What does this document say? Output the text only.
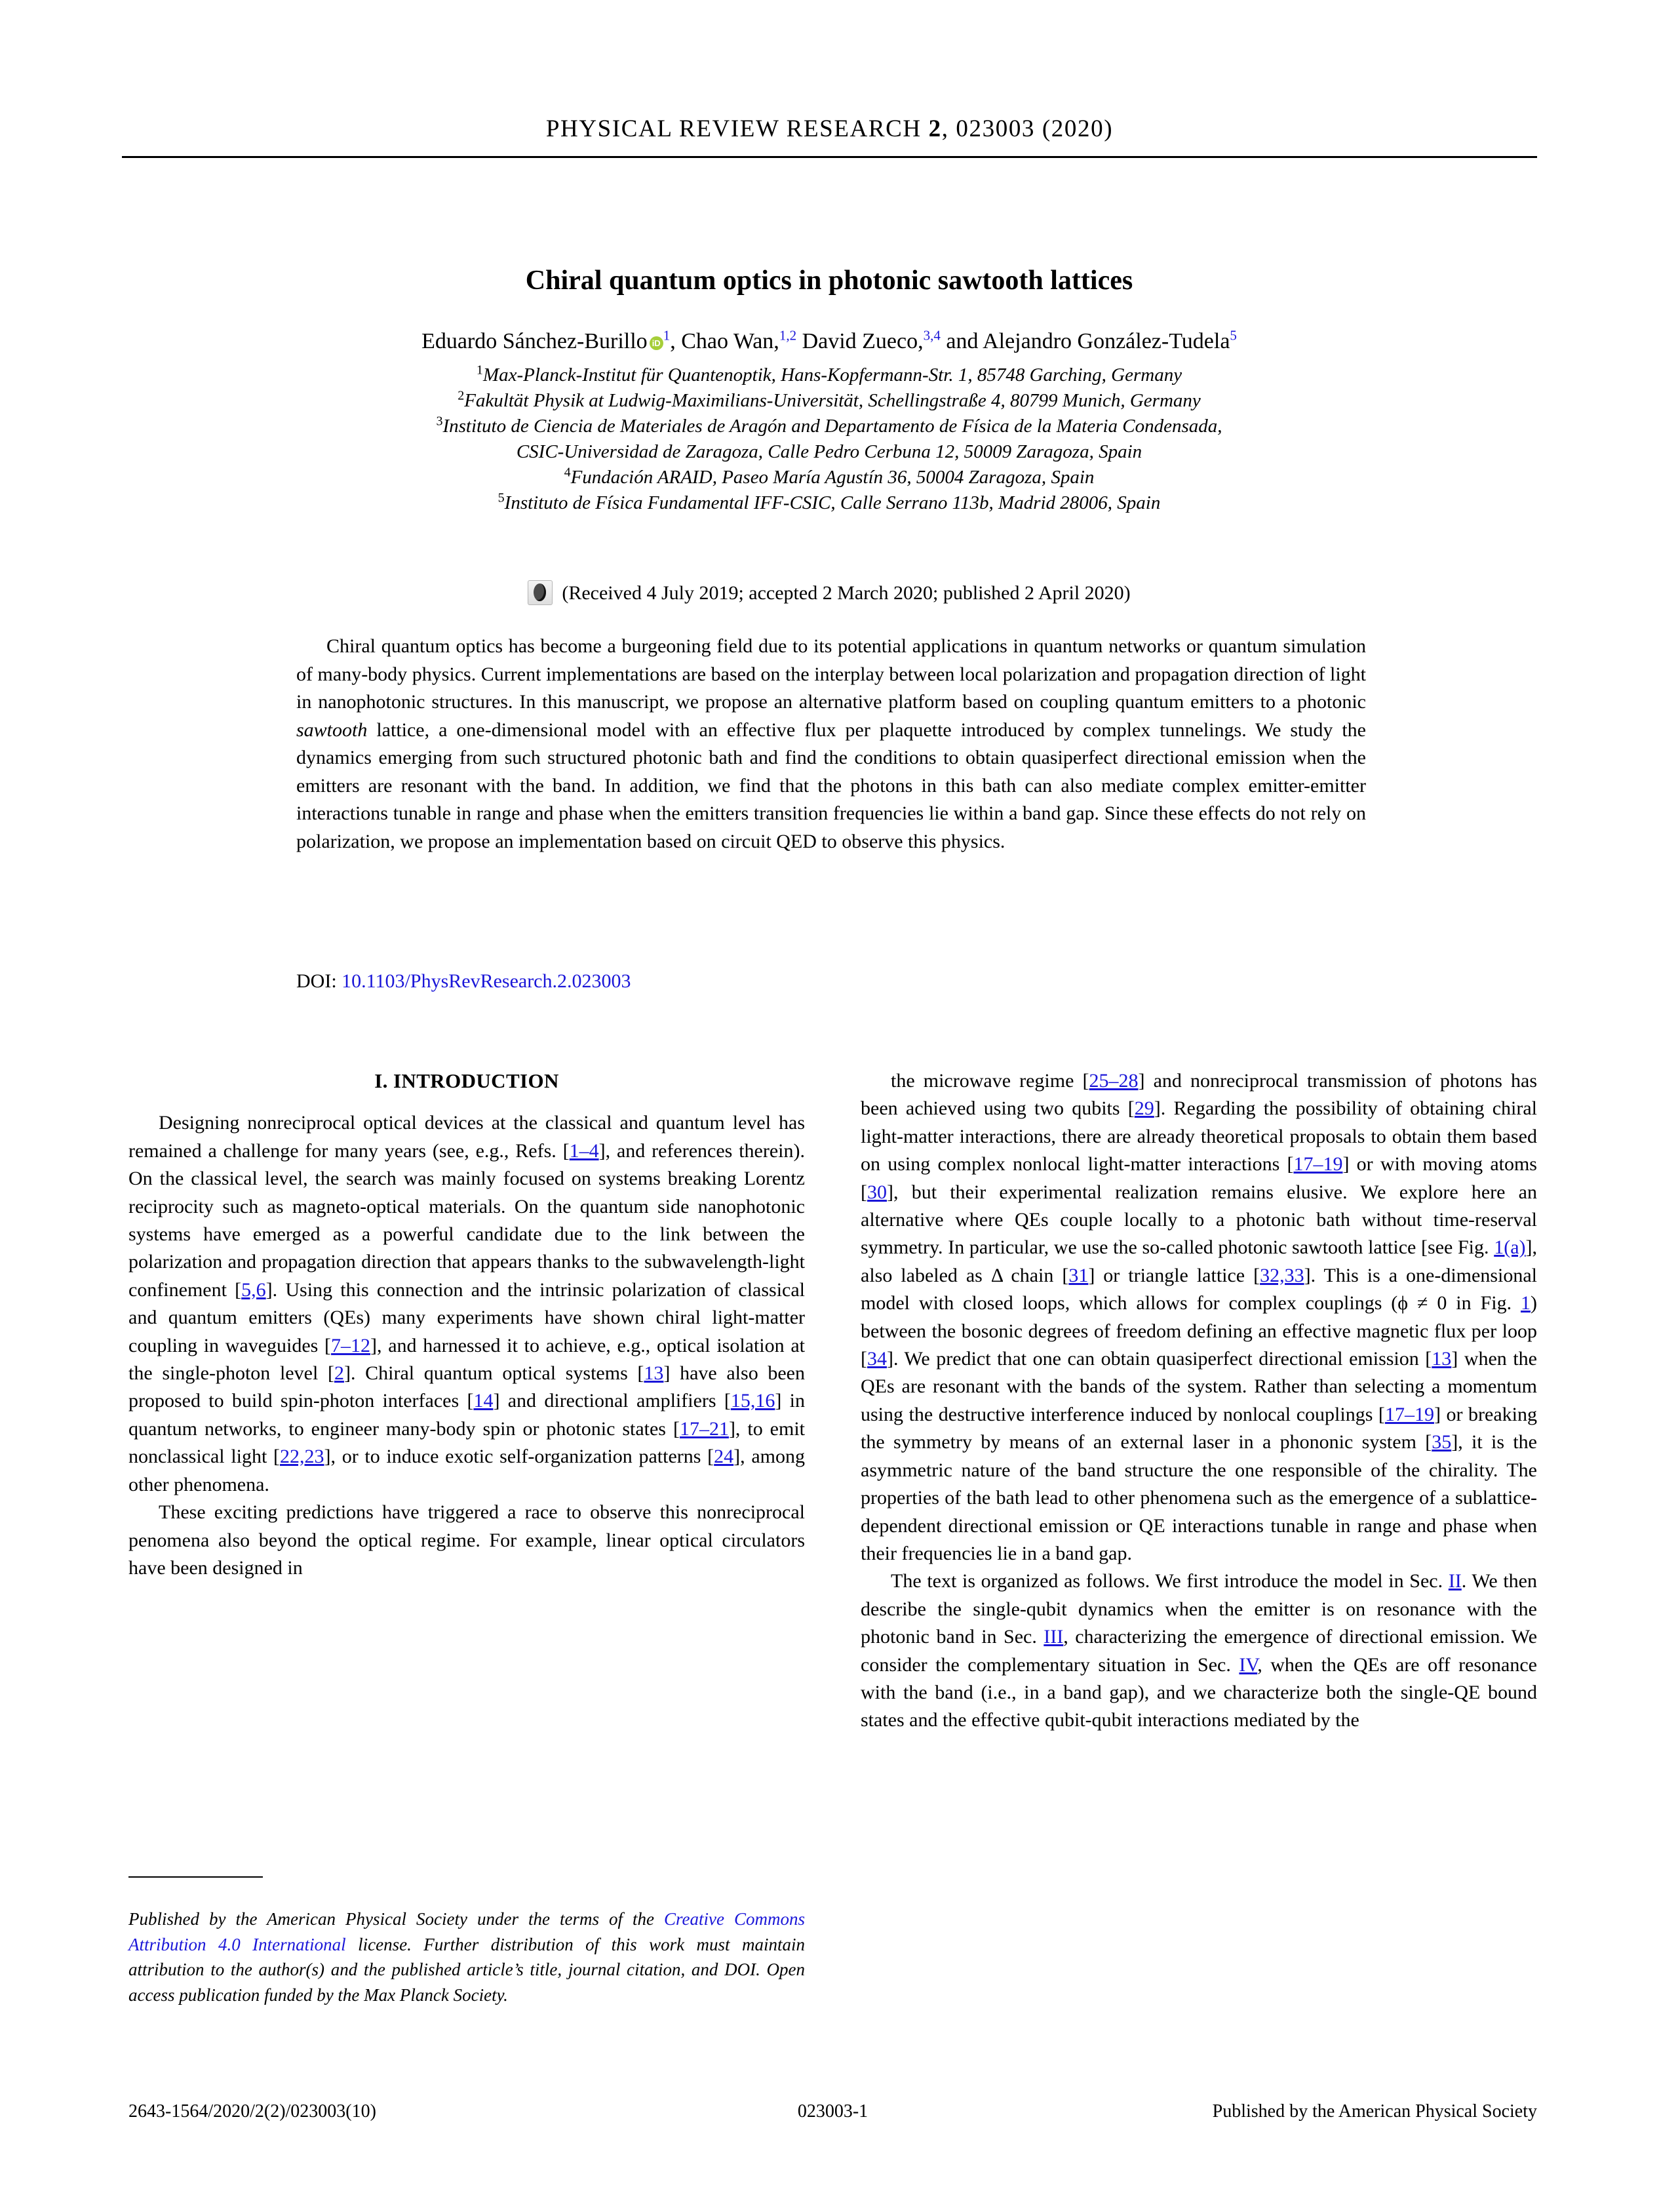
PHYSICAL REVIEW RESEARCH 2, 023003 (2020)
Chiral quantum optics in photonic sawtooth lattices
Eduardo Sánchez-Burillo iD $^1$, Chao Wan,$^{1,2}$ David Zueco,$^{3,4}$ and Alejandro González-Tudela$^5$
$^1$Max-Planck-Institut für Quantenoptik, Hans-Kopfermann-Str. 1, 85748 Garching, Germany
$^2$Fakultät Physik at Ludwig-Maximilians-Universität, Schellingstraße 4, 80799 Munich, Germany
$^3$Instituto de Ciencia de Materiales de Aragón and Departamento de Física de la Materia Condensada,
CSIC-Universidad de Zaragoza, Calle Pedro Cerbuna 12, 50009 Zaragoza, Spain
$^4$Fundación ARAID, Paseo María Agustín 36, 50004 Zaragoza, Spain
$^5$Instituto de Física Fundamental IFF-CSIC, Calle Serrano 113b, Madrid 28006, Spain
(Received 4 July 2019; accepted 2 March 2020; published 2 April 2020)

Chiral quantum optics has become a burgeoning field due to its potential applications in quantum networks or quantum simulation of many-body physics. Current implementations are based on the interplay between local polarization and propagation direction of light in nanophotonic structures. In this manuscript, we propose an alternative platform based on coupling quantum emitters to a photonic sawtooth lattice, a one-dimensional model with an effective flux per plaquette introduced by complex tunnelings. We study the dynamics emerging from such structured photonic bath and find the conditions to obtain quasiperfect directional emission when the emitters are resonant with the band. In addition, we find that the photons in this bath can also mediate complex emitter-emitter interactions tunable in range and phase when the emitters transition frequencies lie within a band gap. Since these effects do not rely on polarization, we propose an implementation based on circuit QED to observe this physics.

DOI: 10.1103/PhysRevResearch.2.023003

I. INTRODUCTION

Designing nonreciprocal optical devices at the classical and quantum level has remained a challenge for many years (see, e.g., Refs. [1–4], and references therein). On the classical level, the search was mainly focused on systems breaking Lorentz reciprocity such as magneto-optical materials. On the quantum side nanophotonic systems have emerged as a powerful candidate due to the link between the polarization and propagation direction that appears thanks to the subwavelength-light confinement [5,6]. Using this connection and the intrinsic polarization of classical and quantum emitters (QEs) many experiments have shown chiral light-matter coupling in waveguides [7–12], and harnessed it to achieve, e.g., optical isolation at the single-photon level [2]. Chiral quantum optical systems [13] have also been proposed to build spin-photon interfaces [14] and directional amplifiers [15,16] in quantum networks, to engineer many-body spin or photonic states [17–21], to emit nonclassical light [22,23], or to induce exotic self-organization patterns [24], among other phenomena.

These exciting predictions have triggered a race to observe this nonreciprocal penomena also beyond the optical regime. For example, linear optical circulators have been designed in

the microwave regime [25–28] and nonreciprocal transmission of photons has been achieved using two qubits [29]. Regarding the possibility of obtaining chiral light-matter interactions, there are already theoretical proposals to obtain them based on using complex nonlocal light-matter interactions [17–19] or with moving atoms [30], but their experimental realization remains elusive. We explore here an alternative where QEs couple locally to a photonic bath without time-reserval symmetry. In particular, we use the so-called photonic sawtooth lattice [see Fig. 1(a)], also labeled as Δ chain [31] or triangle lattice [32,33]. This is a one-dimensional model with closed loops, which allows for complex couplings (ϕ ≠ 0 in Fig. 1) between the bosonic degrees of freedom defining an effective magnetic flux per loop [34]. We predict that one can obtain quasiperfect directional emission [13] when the QEs are resonant with the bands of the system. Rather than selecting a momentum using the destructive interference induced by nonlocal couplings [17–19] or breaking the symmetry by means of an external laser in a phononic system [35], it is the asymmetric nature of the band structure the one responsible of the chirality. The properties of the bath lead to other phenomena such as the emergence of a sublattice-dependent directional emission or QE interactions tunable in range and phase when their frequencies lie in a band gap.

The text is organized as follows. We first introduce the model in Sec. II. We then describe the single-qubit dynamics when the emitter is on resonance with the photonic band in Sec. III, characterizing the emergence of directional emission. We consider the complementary situation in Sec. IV, when the QEs are off resonance with the band (i.e., in a band gap), and we characterize both the single-QE bound states and the effective qubit-qubit interactions mediated by the

Published by the American Physical Society under the terms of the Creative Commons Attribution 4.0 International license. Further distribution of this work must maintain attribution to the author(s) and the published article’s title, journal citation, and DOI. Open access publication funded by the Max Planck Society.

2643-1564/2020/2(2)/023003(10)	023003-1	Published by the American Physical Society
